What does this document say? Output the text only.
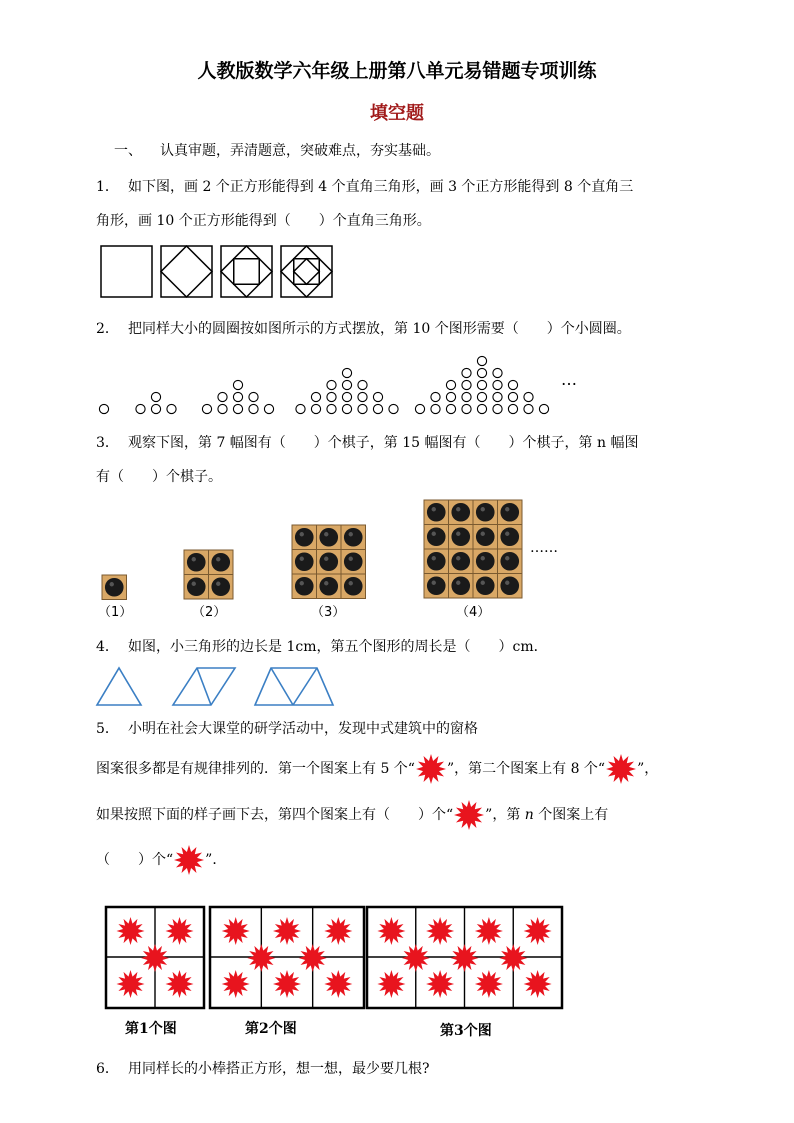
人教版数学六年级上册第八单元易错题专项训练
填空题
一、 认真审题，弄清题意，突破难点，夯实基础。
1． 如下图，画 2 个正方形能得到 4 个直角三角形，画 3 个正方形能得到 8 个直角三
角形，画 10 个正方形能得到（　　）个直角三角形。
2． 把同样大小的圆圈按如图所示的方式摆放，第 10 个图形需要（　　）个小圆圈。
…
3． 观察下图，第 7 幅图有（　　）个棋子，第 15 幅图有（　　）个棋子，第 n 幅图
有（　　）个棋子。
……
（1）	（2）	（3）	（4）
4． 如图，小三角形的边长是 1cm，第五个图形的周长是（　　）cm．
5． 小明在社会大课堂的研学活动中，发现中式建筑中的窗格
图案很多都是有规律排列的．第一个图案上有 5 个“ ”，第二个图案上有 8 个“ ”，
如果按照下面的样子画下去，第四个图案上有（　　）个“ ”，第 n 个图案上有
（　　）个“ ”．
第1个图	第2个图	第3个图
6． 用同样长的小棒搭正方形，想一想，最少要几根?
